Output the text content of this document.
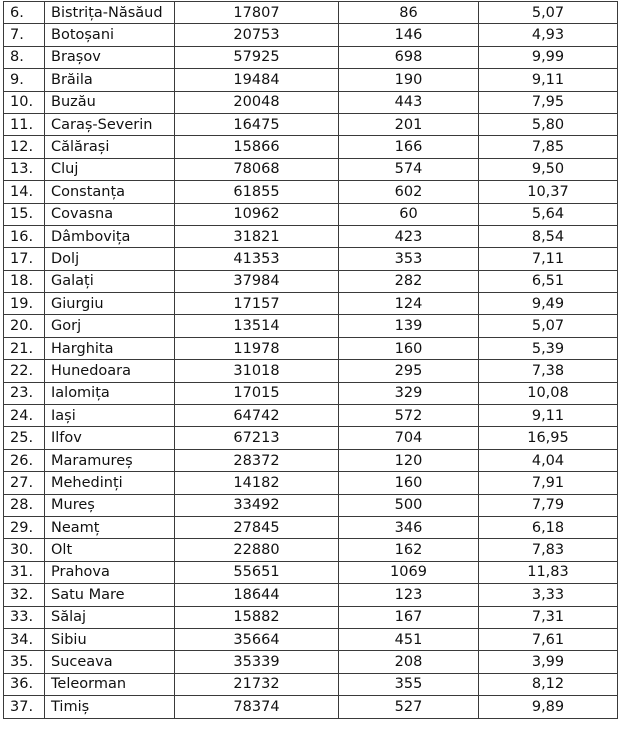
6.	Bistrița-Năsăud	17807	86	5,07
7.	Botoșani	20753	146	4,93
8.	Brașov	57925	698	9,99
9.	Brăila	19484	190	9,11
10.	Buzău	20048	443	7,95
11.	Caraș-Severin	16475	201	5,80
12.	Călărași	15866	166	7,85
13.	Cluj	78068	574	9,50
14.	Constanța	61855	602	10,37
15.	Covasna	10962	60	5,64
16.	Dâmbovița	31821	423	8,54
17.	Dolj	41353	353	7,11
18.	Galați	37984	282	6,51
19.	Giurgiu	17157	124	9,49
20.	Gorj	13514	139	5,07
21.	Harghita	11978	160	5,39
22.	Hunedoara	31018	295	7,38
23.	Ialomița	17015	329	10,08
24.	Iași	64742	572	9,11
25.	Ilfov	67213	704	16,95
26.	Maramureș	28372	120	4,04
27.	Mehedinți	14182	160	7,91
28.	Mureș	33492	500	7,79
29.	Neamț	27845	346	6,18
30.	Olt	22880	162	7,83
31.	Prahova	55651	1069	11,83
32.	Satu Mare	18644	123	3,33
33.	Sălaj	15882	167	7,31
34.	Sibiu	35664	451	7,61
35.	Suceava	35339	208	3,99
36.	Teleorman	21732	355	8,12
37.	Timiș	78374	527	9,89
